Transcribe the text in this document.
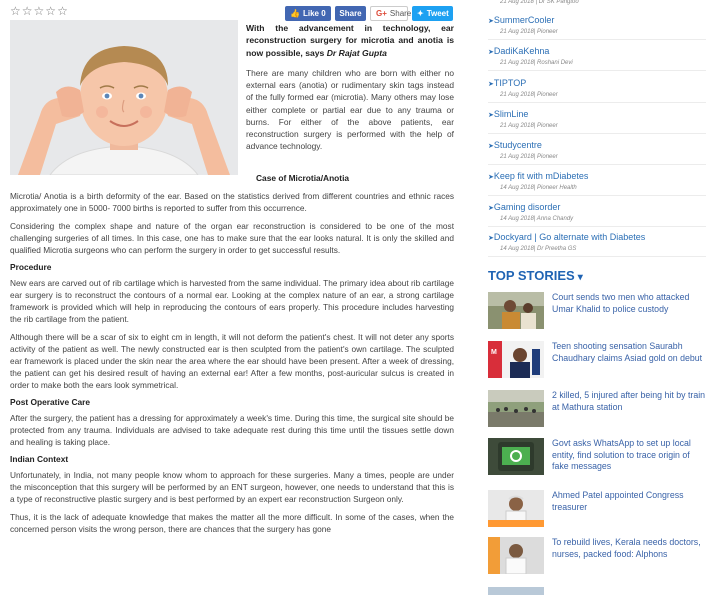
☆ ☆ ☆ ☆ ☆	👍 Like 0 Share G+ Share ✦ Tweet

With the advancement in technology, ear reconstruction surgery for microtia and anotia is now possible, says Dr Rajat Gupta

There are many children who are born with either no external ears (anotia) or rudimentary skin tags instead of the fully formed ear (microtia). Many others may lose either complete or partial ear due to any trauma or burns. For either of the above patients, ear reconstruction surgery is performed with the help of advance technology.

Case of Microtia/Anotia

Microtia/ Anotia is a birth deformity of the ear. Based on the statistics derived from different countries and ethnic races approximately one in 5000- 7000 births is reported to suffer from this occurrence.

Considering the complex shape and nature of the organ ear reconstruction is considered to be one of the most challenging surgeries of all times. In this case, one has to make sure that the ear looks natural. It is only the skilled and qualified Microtia surgeons who can perform the surgery in order to get successful results.

Procedure

New ears are carved out of rib cartilage which is harvested from the same individual. The primary idea about rib cartilage ear surgery is to reconstruct the contours of a normal ear. Looking at the complex nature of an ear, a strong cartilage framework is provided which will help in reproducing the contours of ears properly. This procedure includes harvesting the rib cartilage from the patient.

Although there will be a scar of six to eight cm in length, it will not deform the patient's chest. It will not deter any sports activity of the patient as well. The newly constructed ear is then sculpted from the patient's own cartilage. The sculpted ear framework is placed under the skin near the area where the ear should have been present. After a week of dressing, the patient can get his desired result of having an external ear! After a few months, post-auricular sulcus is created in order to make both the ears look symmetrical.

Post Operative Care

After the surgery, the patient has a dressing for approximately a week's time. During this time, the surgical site should be protected from any trauma. Individuals are advised to take adequate rest during this time until the tissues settle down and healing is taking place.

Indian Context

Unfortunately, in India, not many people know whom to approach for these surgeries. Many a times, people are under the misconception that this surgery will be performed by an ENT surgeon, however, one needs to understand that this is a type of reconstructive plastic surgery and is best performed by an expert ear reconstruction Surgeon only.

Thus, it is the lack of adequate knowledge that makes the matter all the more difficult. In some of the cases, when the concerned person visits the wrong person, there are chances that the surgery has gone

21 Aug 2018 | Dr SK Pangtoo
➤SummerCooler
21 Aug 2018| Pioneer
➤DadiKaKehna
21 Aug 2018| Roshani Devi
➤TIPTOP
21 Aug 2018| Pioneer
➤SlimLine
21 Aug 2018| Pioneer
➤Studycentre
21 Aug 2018| Pioneer
➤Keep fit with mDiabetes
14 Aug 2018| Pioneer Health
➤Gaming disorder
14 Aug 2018| Anna Chandy
➤Dockyard | Go alternate with Diabetes
14 Aug 2018| Dr Preetha GS
TOP STORIES ▾
Court sends two men who attacked Umar Khalid to police custody
M
Teen shooting sensation Saurabh Chaudhary claims Asiad gold on debut
2 killed, 5 injured after being hit by train at Mathura station
Govt asks WhatsApp to set up local entity, find solution to trace origin of fake messages
Ahmed Patel appointed Congress treasurer
To rebuild lives, Kerala needs doctors, nurses, packed food: Alphons
